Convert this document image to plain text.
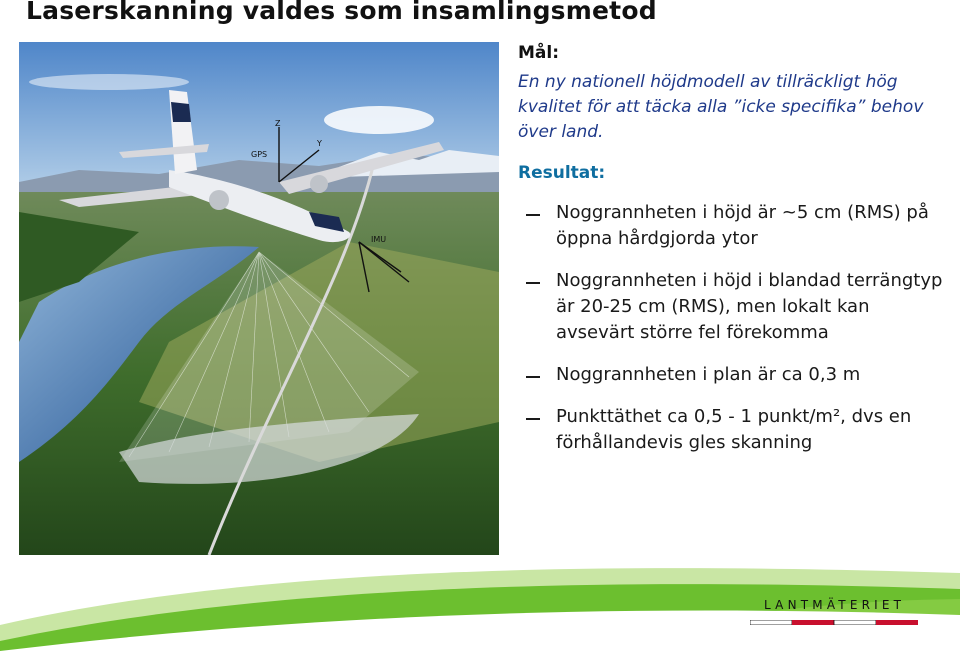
Laserskanning valdes som insamlingsmetod
GPS
Z
Y
IMU

Mål:

En ny nationell höjdmodell av tillräckligt hög kvalitet för att täcka alla ”icke specifika” behov över land.

Resultat:

Noggrannheten i höjd är ~5 cm (RMS) på öppna hårdgjorda ytor
Noggrannheten i höjd i blandad terrängtyp är 20-25 cm (RMS), men lokalt kan avsevärt större fel förekomma
Noggrannheten i plan är ca 0,3 m
Punkttäthet ca 0,5 - 1 punkt/m², dvs en förhållandevis gles skanning

LANTMÄTERIET
